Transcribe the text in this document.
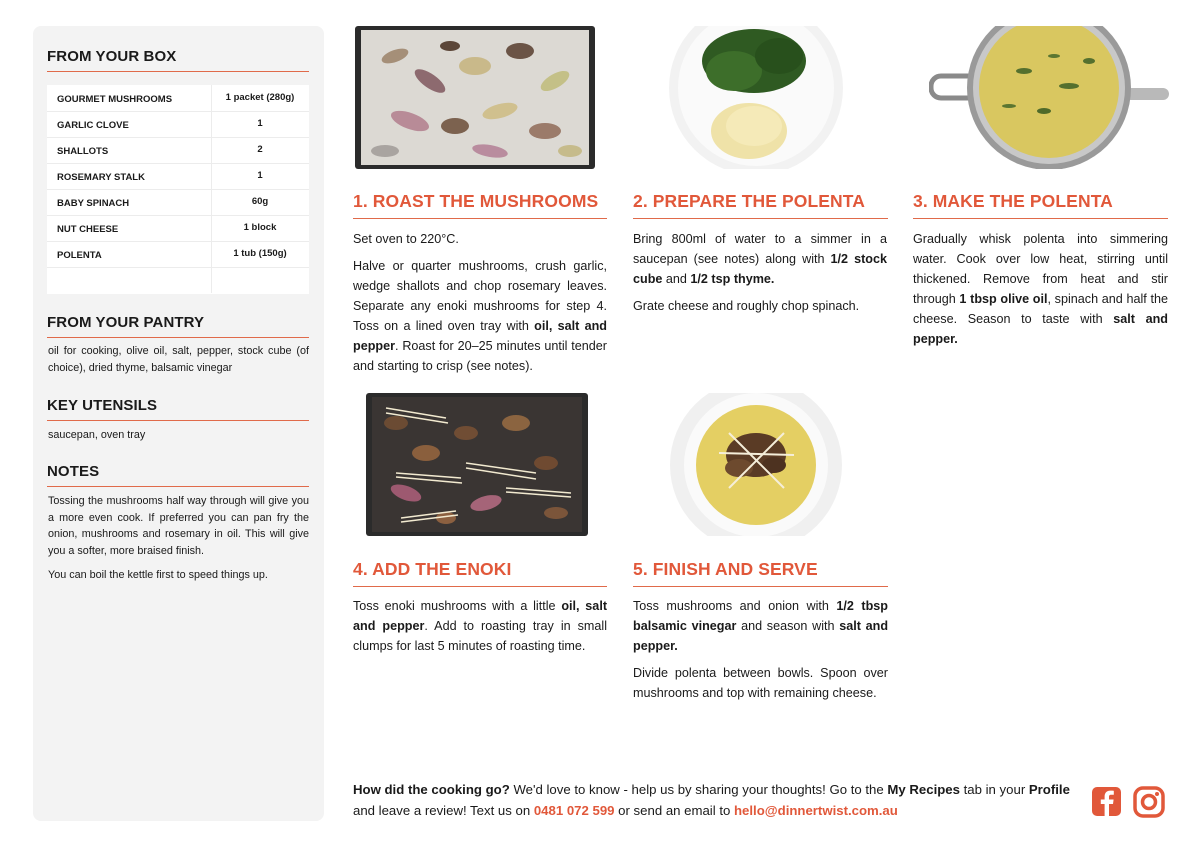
FROM YOUR BOX
GOURMET MUSHROOMS	1 packet (280g)
GARLIC CLOVE	1
SHALLOTS	2
ROSEMARY STALK	1
BABY SPINACH	60g
NUT CHEESE	1 block
POLENTA	1 tub (150g)
FROM YOUR PANTRY
oil for cooking, olive oil, salt, pepper, stock cube (of choice), dried thyme, balsamic vinegar
KEY UTENSILS
saucepan, oven tray
NOTES

Tossing the mushrooms half way through will give you a more even cook. If preferred you can pan fry the onion, mushrooms and rosemary in oil. This will give you a softer, more braised finish.

You can boil the kettle first to speed things up.

1. ROAST THE MUSHROOMS

Set oven to 220°C.

Halve or quarter mushrooms, crush garlic, wedge shallots and chop rosemary leaves. Separate any enoki mushrooms for step 4. Toss on a lined oven tray with oil, salt and pepper. Roast for 20–25 minutes until tender and starting to crisp (see notes).

2. PREPARE THE POLENTA

Bring 800ml of water to a simmer in a saucepan (see notes) along with 1/2 stock cube and 1/2 tsp thyme.

Grate cheese and roughly chop spinach.

3. MAKE THE POLENTA

Gradually whisk polenta into simmering water. Cook over low heat, stirring until thickened. Remove from heat and stir through 1 tbsp olive oil, spinach and half the cheese. Season to taste with salt and pepper.

4. ADD THE ENOKI

Toss enoki mushrooms with a little oil, salt and pepper. Add to roasting tray in small clumps for last 5 minutes of roasting time.

5. FINISH AND SERVE

Toss mushrooms and onion with 1/2 tbsp balsamic vinegar and season with salt and pepper.

Divide polenta between bowls. Spoon over mushrooms and top with remaining cheese.

How did the cooking go? We'd love to know - help us by sharing your thoughts! Go to the My Recipes tab in your Profile and leave a review! Text us on 0481 072 599 or send an email to hello@dinnertwist.com.au
